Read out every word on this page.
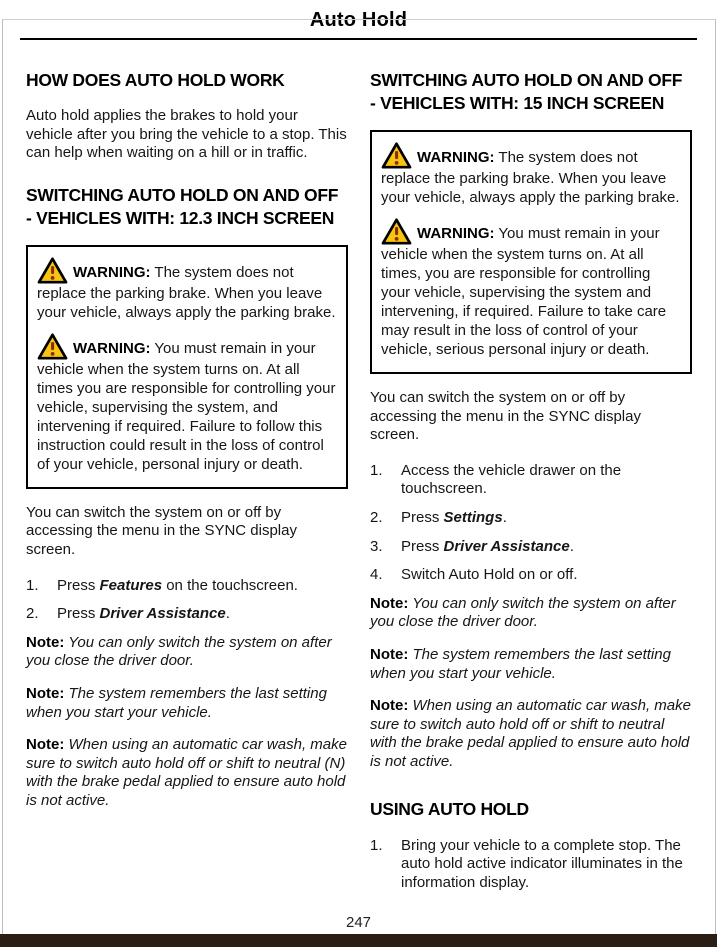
Auto Hold
HOW DOES AUTO HOLD WORK

Auto hold applies the brakes to hold your vehicle after you bring the vehicle to a stop. This can help when waiting on a hill or in traffic.

SWITCHING AUTO HOLD ON AND OFF - VEHICLES WITH: 12.3 INCH SCREEN

WARNING: The system does not replace the parking brake. When you leave your vehicle, always apply the parking brake.

WARNING: You must remain in your vehicle when the system turns on. At all times you are responsible for controlling your vehicle, supervising the system, and intervening if required. Failure to follow this instruction could result in the loss of control of your vehicle, personal injury or death.

You can switch the system on or off by accessing the menu in the SYNC display screen.

1.	Press Features on the touchscreen.
2.	Press Driver Assistance.

Note: You can only switch the system on after you close the driver door.

Note: The system remembers the last setting when you start your vehicle.

Note: When using an automatic car wash, make sure to switch auto hold off or shift to neutral (N) with the brake pedal applied to ensure auto hold is not active.

SWITCHING AUTO HOLD ON AND OFF - VEHICLES WITH: 15 INCH SCREEN

WARNING: The system does not replace the parking brake. When you leave your vehicle, always apply the parking brake.

WARNING: You must remain in your vehicle when the system turns on. At all times, you are responsible for controlling your vehicle, supervising the system and intervening, if required. Failure to take care may result in the loss of control of your vehicle, serious personal injury or death.

You can switch the system on or off by accessing the menu in the SYNC display screen.

1.	Access the vehicle drawer on the touchscreen.
2.	Press Settings.
3.	Press Driver Assistance.
4.	Switch Auto Hold on or off.

Note: You can only switch the system on after you close the driver door.

Note: The system remembers the last setting when you start your vehicle.

Note: When using an automatic car wash, make sure to switch auto hold off or shift to neutral with the brake pedal applied to ensure auto hold is not active.

USING AUTO HOLD
1.	Bring your vehicle to a complete stop. The auto hold active indicator illuminates in the information display.
247
